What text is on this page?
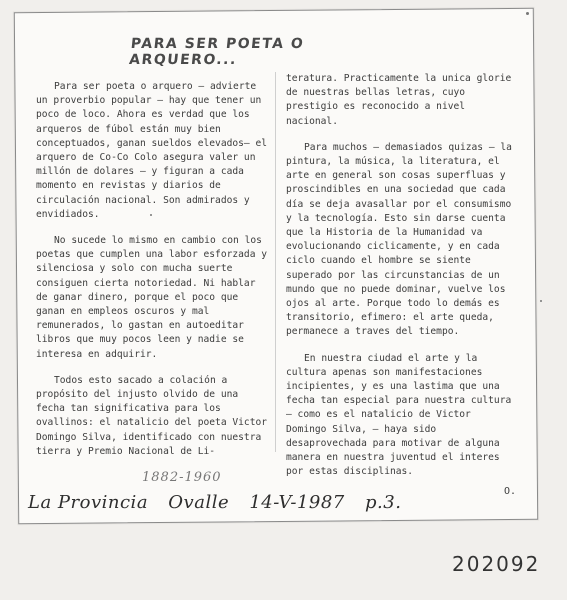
PARA SER POETA O ARQUERO...

Para ser poeta o arquero — advierte un proverbio popular — hay que tener un poco de loco. Ahora es verdad que los arqueros de fúbol están muy bien conceptuados, ganan sueldos elevados— el arquero de Co-Co Colo asegura valer un millón de dolares — y figuran a cada momento en revistas y diarios de circulación nacional. Son admirados y envidiados.

No sucede lo mismo en cambio con los poetas que cumplen una labor esforzada y silenciosa y solo con mucha suerte consiguen cierta notoriedad. Ni hablar de ganar dinero, porque el poco que ganan en empleos oscuros y mal remunerados, lo gastan en autoeditar libros que muy pocos leen y nadie se interesa en adquirir.

Todos esto sacado a colación a propósito del injusto olvido de una fecha tan significativa para los ovallinos: el natalicio del poeta Victor Domingo Silva, identificado con nuestra tierra y Premio Nacional de Li-

teratura. Practicamente la unica glorie de nuestras bellas letras, cuyo prestigio es reconocido a nivel nacional.

Para muchos — demasiados quizas — la pintura, la música, la literatura, el arte en general son cosas superfluas y proscindibles en una sociedad que cada día se deja avasallar por el consumismo y la tecnología. Esto sin darse cuenta que la Historia de la Humanidad va evolucionando ciclicamente, y en cada ciclo cuando el hombre se siente superado por las circunstancias de un mundo que no puede dominar, vuelve los ojos al arte. Porque todo lo demás es transitorio, efimero: el arte queda, permanece a traves del tiempo.

En nuestra ciudad el arte y la cultura apenas son manifestaciones incipientes, y es una lastima que una fecha tan especial para nuestra cultura — como es el natalicio de Victor Domingo Silva, — haya sido desaprovechada para motivar de alguna manera en nuestra juventud el interes por estas disciplinas.

O.
1882-1960
La Provincia Ovalle 14-V-1987 p.3.
202092
